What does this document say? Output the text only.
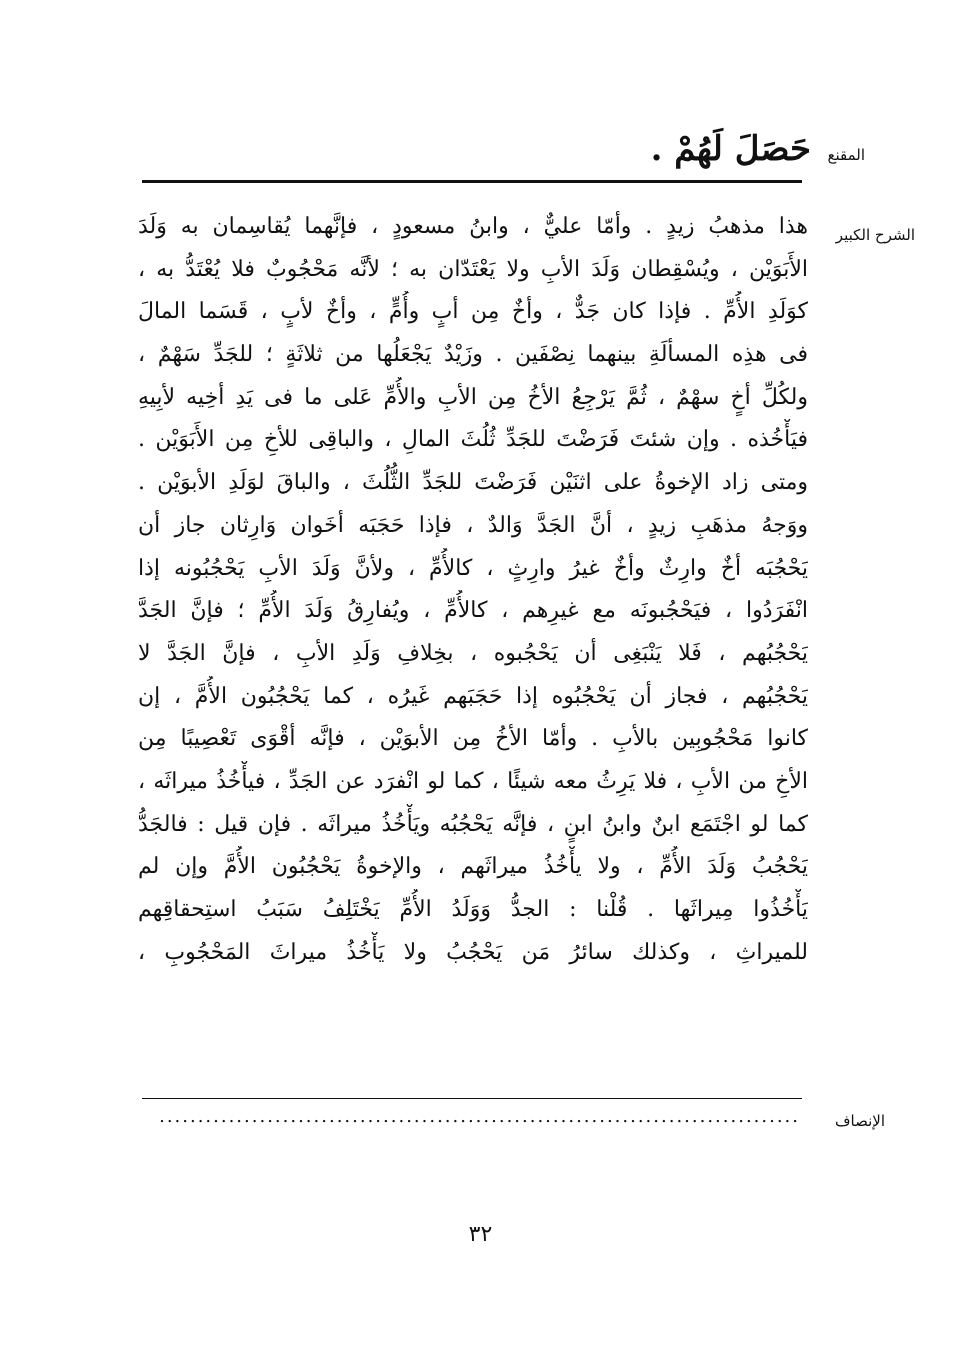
المقنع
حَصَلَ لَهُمْ .
الشرح الكبير
هذا مذهبُ زيدٍ . وأمّا عليٌّ ، وابنُ مسعودٍ ، فإنَّهما يُقاسِمان به وَلَدَ
الأَبَوَيْن ، ويُسْقِطان وَلَدَ الأبِ ولا يَعْتَدّان به ؛ لأنَّه مَحْجُوبٌ فلا يُعْتَدُّ به ،
كوَلَدِ الأُمِّ . فإذا كان جَدٌّ ، وأخٌ مِن أبٍ وأُمٍّ ، وأخٌ لأبٍ ، قَسَما المالَ
فى هذِه المسألَةِ بينهما نِصْفَين . وزَيْدٌ يَجْعَلُها من ثلاثَةٍ ؛ للجَدِّ سَهْمٌ ،
ولكُلِّ أخٍ سهْمٌ ، ثُمَّ يَرْجِعُ الأخُ مِن الأبِ والأُمِّ عَلى ما فى يَدِ أخِيه لأبِيهِ
فيَأْخُذه . وإن شئتَ فَرَضْتَ للجَدِّ ثُلُثَ المالِ ، والباقِى للأخِ مِن الأَبَوَيْن .
ومتى زاد الإخوةُ على اثنَيْن فَرَضْتَ للجَدِّ الثُّلُثَ ، والباقَ لوَلَدِ الأبوَيْن .
ووَجهُ مذهَبِ زيدٍ ، أنَّ الجَدَّ وَالدٌ ، فإذا حَجَبَه أخَوان وَارِثان جاز أن
يَحْجُبَه أخٌ وارِثٌ وأخٌ غيرُ وارِثٍ ، كالأُمِّ ، ولأنَّ وَلَدَ الأبِ يَحْجُبُونه إذا
انْفَرَدُوا ، فيَحْجُبونَه مع غيرِهم ، كالأُمِّ ، ويُفارِقُ وَلَدَ الأُمِّ ؛ فإنَّ الجَدَّ
يَحْجُبُهم ، فَلا يَنْبَغِى أن يَحْجُبوه ، بخِلافِ وَلَدِ الأبِ ، فإنَّ الجَدَّ لا
يَحْجُبُهم ، فجاز أن يَحْجُبُوه إذا حَجَبَهم غَيرُه ، كما يَحْجُبُون الأُمَّ ، إن
كانوا مَحْجُوبِين بالأبِ . وأمّا الأخُ مِن الأبوَيْن ، فإنَّه أقْوَى تَعْصِيبًا مِن
الأخِ من الأبِ ، فلا يَرِثُ معه شيئًا ، كما لو انْفرَد عن الجَدِّ ، فيأْخُذُ ميراثَه ،
كما لو اجْتَمَع ابنٌ وابنُ ابنٍ ، فإنَّه يَحْجُبُه ويَأْخُذُ ميراثَه . فإن قيل : فالجَدُّ
يَحْجُبُ وَلَدَ الأُمِّ ، ولا يأْخُذُ ميراثَهم ، والإخوةُ يَحْجُبُون الأُمَّ وإن لم
يَأْخُذُوا مِيراثَها . قُلْنا : الجدُّ وَوَلَدُ الأُمِّ يَخْتَلِفُ سَبَبُ استِحقاقِهم
للميراثِ ، وكذلك سائرُ مَن يَحْجُبُ ولا يَأْخُذُ ميراثَ المَحْجُوبِ ،
الإنصاف
...................................................................................
٣٢
